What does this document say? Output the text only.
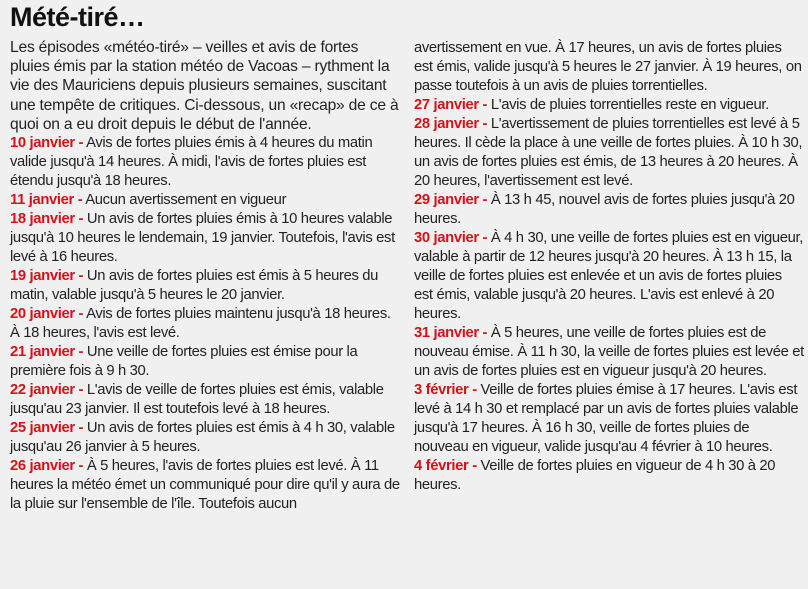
Mété-tiré…

Les épisodes «météo-tiré» – veilles et avis de fortes pluies émis par la station météo de Vacoas – rythment la vie des Mauriciens depuis plusieurs semaines, suscitant une tempête de critiques. Ci-dessous, un «recap» de ce à quoi on a eu droit depuis le début de l'année.

10 janvier - Avis de fortes pluies émis à 4 heures du matin valide jusqu'à 14 heures. À midi, l'avis de fortes pluies est étendu jusqu'à 18 heures.

11 janvier - Aucun avertissement en vigueur

18 janvier - Un avis de fortes pluies émis à 10 heures valable jusqu'à 10 heures le lendemain, 19 janvier. Toutefois, l'avis est levé à 16 heures.

19 janvier - Un avis de fortes pluies est émis à 5 heures du matin, valable jusqu'à 5 heures le 20 janvier.

20 janvier - Avis de fortes pluies maintenu jusqu'à 18 heures. À 18 heures, l'avis est levé.

21 janvier - Une veille de fortes pluies est émise pour la première fois à 9 h 30.

22 janvier - L'avis de veille de fortes pluies est émis, valable jusqu'au 23 janvier. Il est toutefois levé à 18 heures.

25 janvier - Un avis de fortes pluies est émis à 4 h 30, valable jusqu'au 26 janvier à 5 heures.

26 janvier - À 5 heures, l'avis de fortes pluies est levé. À 11 heures la météo émet un communiqué pour dire qu'il y aura de la pluie sur l'ensemble de l'île. Toutefois aucun

avertissement en vue. À 17 heures, un avis de fortes pluies est émis, valide jusqu'à 5 heures le 27 janvier. À 19 heures, on passe toutefois à un avis de pluies torrentielles.

27 janvier - L'avis de pluies torrentielles reste en vigueur.

28 janvier - L'avertissement de pluies torrentielles est levé à 5 heures. Il cède la place à une veille de fortes pluies. À 10 h 30, un avis de fortes pluies est émis, de 13 heures à 20 heures. À 20 heures, l'avertissement est levé.

29 janvier - À 13 h 45, nouvel avis de fortes pluies jusqu'à 20 heures.

30 janvier - À 4 h 30, une veille de fortes pluies est en vigueur, valable à partir de 12 heures jusqu'à 20 heures. À 13 h 15, la veille de fortes pluies est enlevée et un avis de fortes pluies est émis, valable jusqu'à 20 heures. L'avis est enlevé à 20 heures.

31 janvier - À 5 heures, une veille de fortes pluies est de nouveau émise. À 11 h 30, la veille de fortes pluies est levée et un avis de fortes pluies est en vigueur jusqu'à 20 heures.

3 février - Veille de fortes pluies émise à 17 heures. L'avis est levé à 14 h 30 et remplacé par un avis de fortes pluies valable jusqu'à 17 heures. À 16 h 30, veille de fortes pluies de nouveau en vigueur, valide jusqu'au 4 février à 10 heures.

4 février - Veille de fortes pluies en vigueur de 4 h 30 à 20 heures.
